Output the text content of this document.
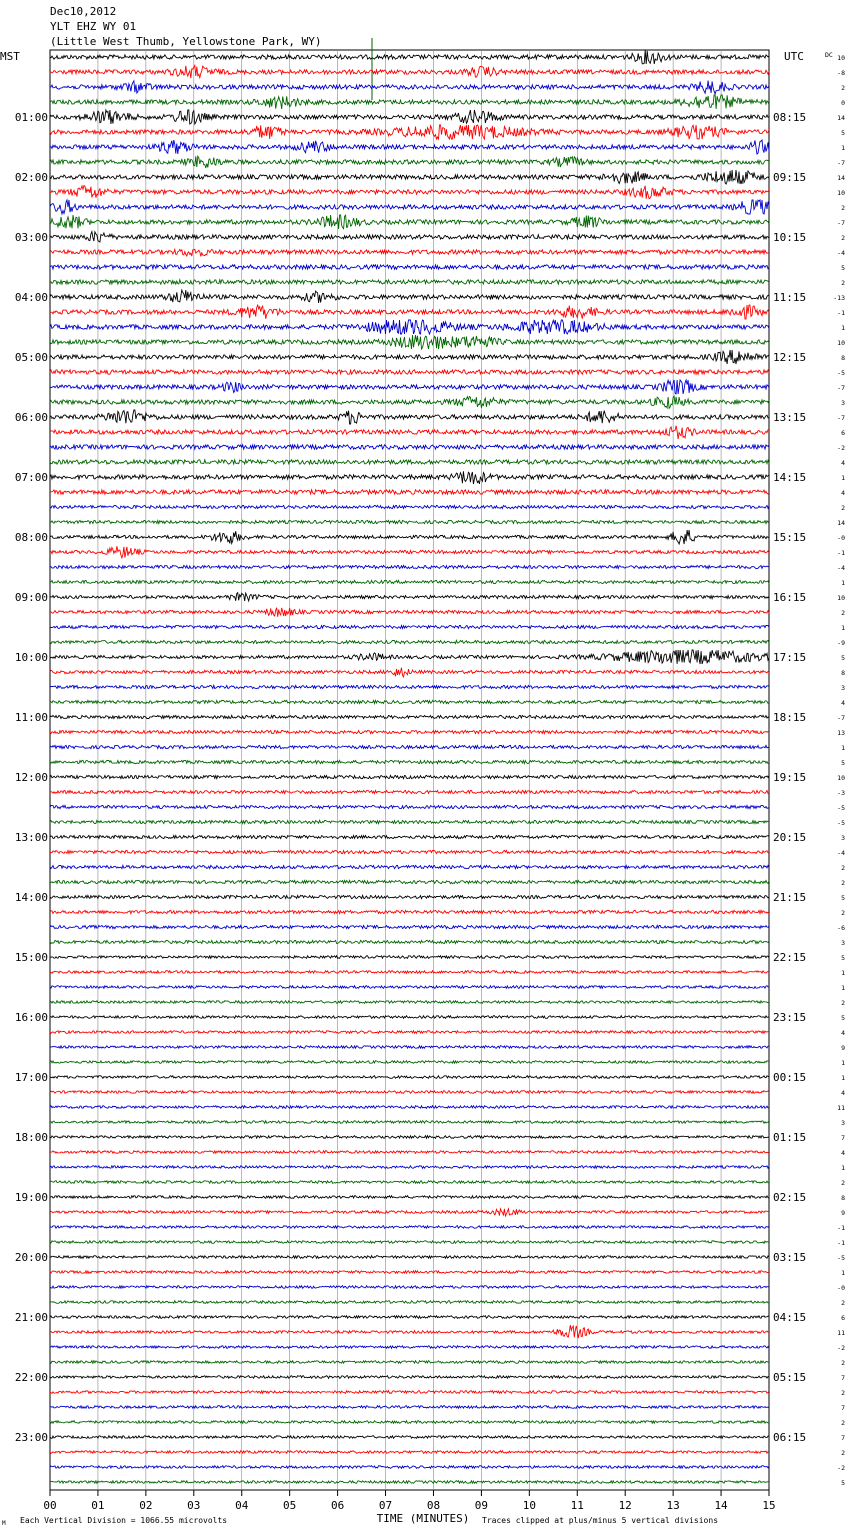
Dec10,2012
YLT EHZ WY 01
(Little West Thumb, Yellowstone Park, WY)
10
-8
2
0
14
5
1
-7
14
10
2
-7
2
-4
5
2
-13
-1
1
10
8
-5
-7
3
-7
6
-2
4
1
4
2
14
-0
-1
-4
1
10
2
1
-9
5
8
3
4
-7
13
1
5
10
-3
-5
-5
3
-4
2
2
5
2
-6
3
5
1
1
2
5
4
9
1
1
4
11
3
7
4
1
2
8
9
-1
-1
-5
1
-0
2
6
11
-2
2
7
2
7
2
7
2
-2
5
MST	UTC	DC
01:00	08:15
02:00	09:15
03:00	10:15
04:00	11:15
05:00	12:15
06:00	13:15
07:00	14:15
08:00	15:15
09:00	16:15
10:00	17:15
11:00	18:15
12:00	19:15
13:00	20:15
14:00	21:15
15:00	22:15
16:00	23:15
17:00	00:15
18:00	01:15
19:00	02:15
20:00	03:15
21:00	04:15
22:00	05:15
23:00	06:15
00	01	02	03	04	05	06	07	08	09	10	11	12	13	14	15
TIME (MINUTES)
Each Vertical Division = 1066.55 microvolts	Traces clipped at plus/minus 5 vertical divisions
M
